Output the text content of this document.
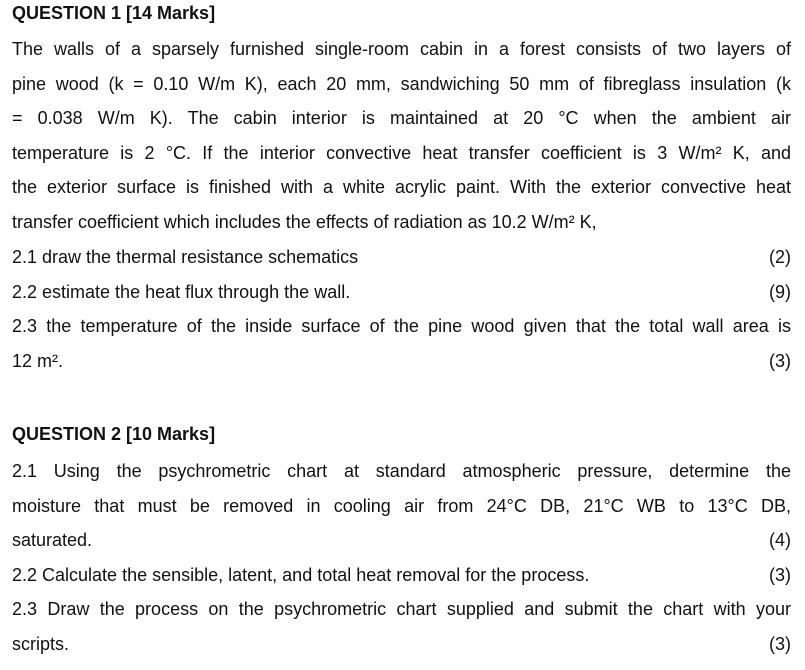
QUESTION 1 [14 Marks]
The walls of a sparsely furnished single-room cabin in a forest consists of two layers of
pine wood (k = 0.10 W/m K), each 20 mm, sandwiching 50 mm of fibreglass insulation (k
= 0.038 W/m K). The cabin interior is maintained at 20 °C when the ambient air
temperature is 2 °C. If the interior convective heat transfer coefficient is 3 W/m² K, and
the exterior surface is finished with a white acrylic paint. With the exterior convective heat
transfer coefficient which includes the effects of radiation as 10.2 W/m² K,
2.1 draw the thermal resistance schematics	(2)
2.2 estimate the heat flux through the wall.	(9)
2.3 the temperature of the inside surface of the pine wood given that the total wall area is
12 m².	(3)
QUESTION 2 [10 Marks]
2.1 Using the psychrometric chart at standard atmospheric pressure, determine the
moisture that must be removed in cooling air from 24°C DB, 21°C WB to 13°C DB,
saturated.	(4)
2.2 Calculate the sensible, latent, and total heat removal for the process.	(3)
2.3 Draw the process on the psychrometric chart supplied and submit the chart with your
scripts.	(3)
